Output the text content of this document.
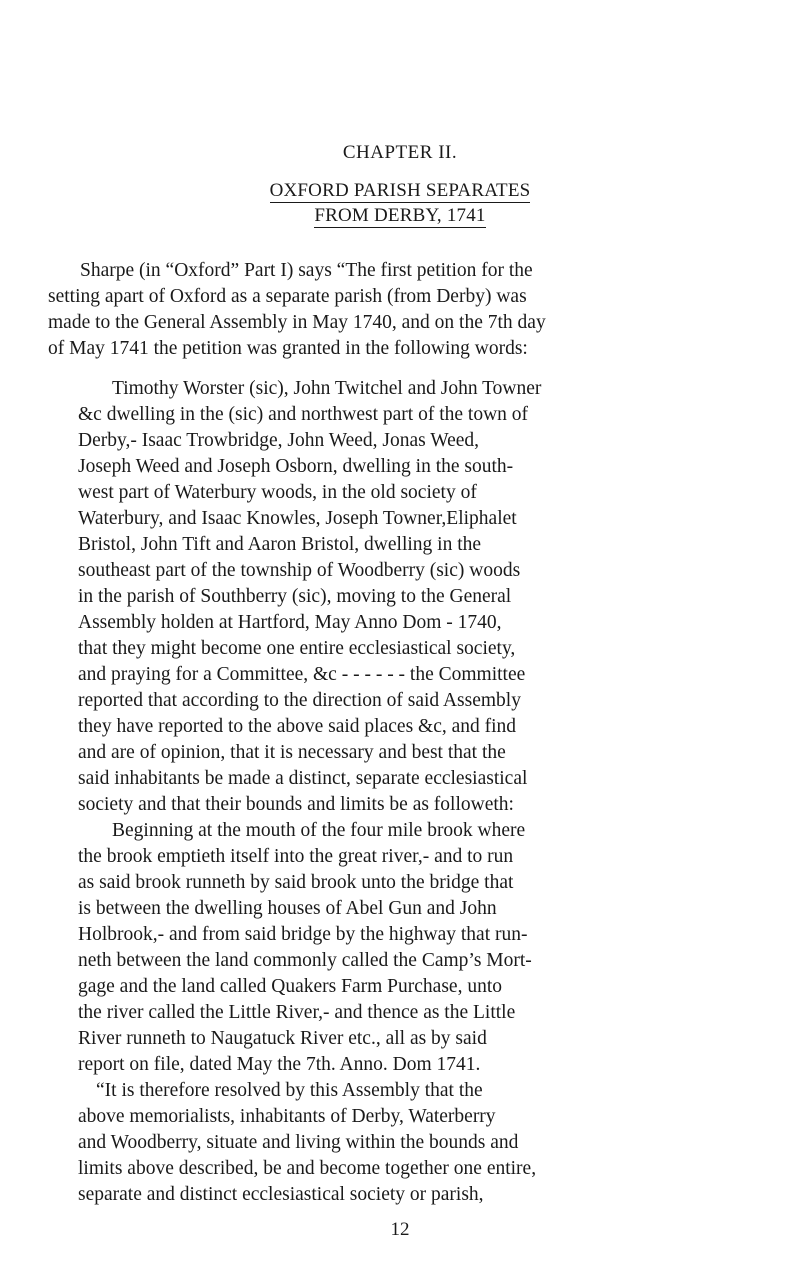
CHAPTER II.
OXFORD PARISH SEPARATES
FROM DERBY, 1741
Sharpe (in “Oxford” Part I) says “The first petition for the
setting apart of Oxford as a separate parish (from Derby) was
made to the General Assembly in May 1740, and on the 7th day
of May 1741 the petition was granted in the following words:
Timothy Worster (sic), John Twitchel and John Towner
&c dwelling in the (sic) and northwest part of the town of
Derby,- Isaac Trowbridge, John Weed, Jonas Weed,
Joseph Weed and Joseph Osborn, dwelling in the south-
west part of Waterbury woods, in the old society of
Waterbury, and Isaac Knowles, Joseph Towner,Eliphalet
Bristol, John Tift and Aaron Bristol, dwelling in the
southeast part of the township of Woodberry (sic) woods
in the parish of Southberry (sic), moving to the General
Assembly holden at Hartford, May Anno Dom - 1740,
that they might become one entire ecclesiastical society,
and praying for a Committee, &c - - - - - - the Committee
reported that according to the direction of said Assembly
they have reported to the above said places &c, and find
and are of opinion, that it is necessary and best that the
said inhabitants be made a distinct, separate ecclesiastical
society and that their bounds and limits be as followeth:
Beginning at the mouth of the four mile brook where
the brook emptieth itself into the great river,- and to run
as said brook runneth by said brook unto the bridge that
is between the dwelling houses of Abel Gun and John
Holbrook,- and from said bridge by the highway that run-
neth between the land commonly called the Camp’s Mort-
gage and the land called Quakers Farm Purchase, unto
the river called the Little River,- and thence as the Little
River runneth to Naugatuck River etc., all as by said
report on file, dated May the 7th. Anno. Dom 1741.
“It is therefore resolved by this Assembly that the
above memorialists, inhabitants of Derby, Waterberry
and Woodberry, situate and living within the bounds and
limits above described, be and become together one entire,
separate and distinct ecclesiastical society or parish,
12
